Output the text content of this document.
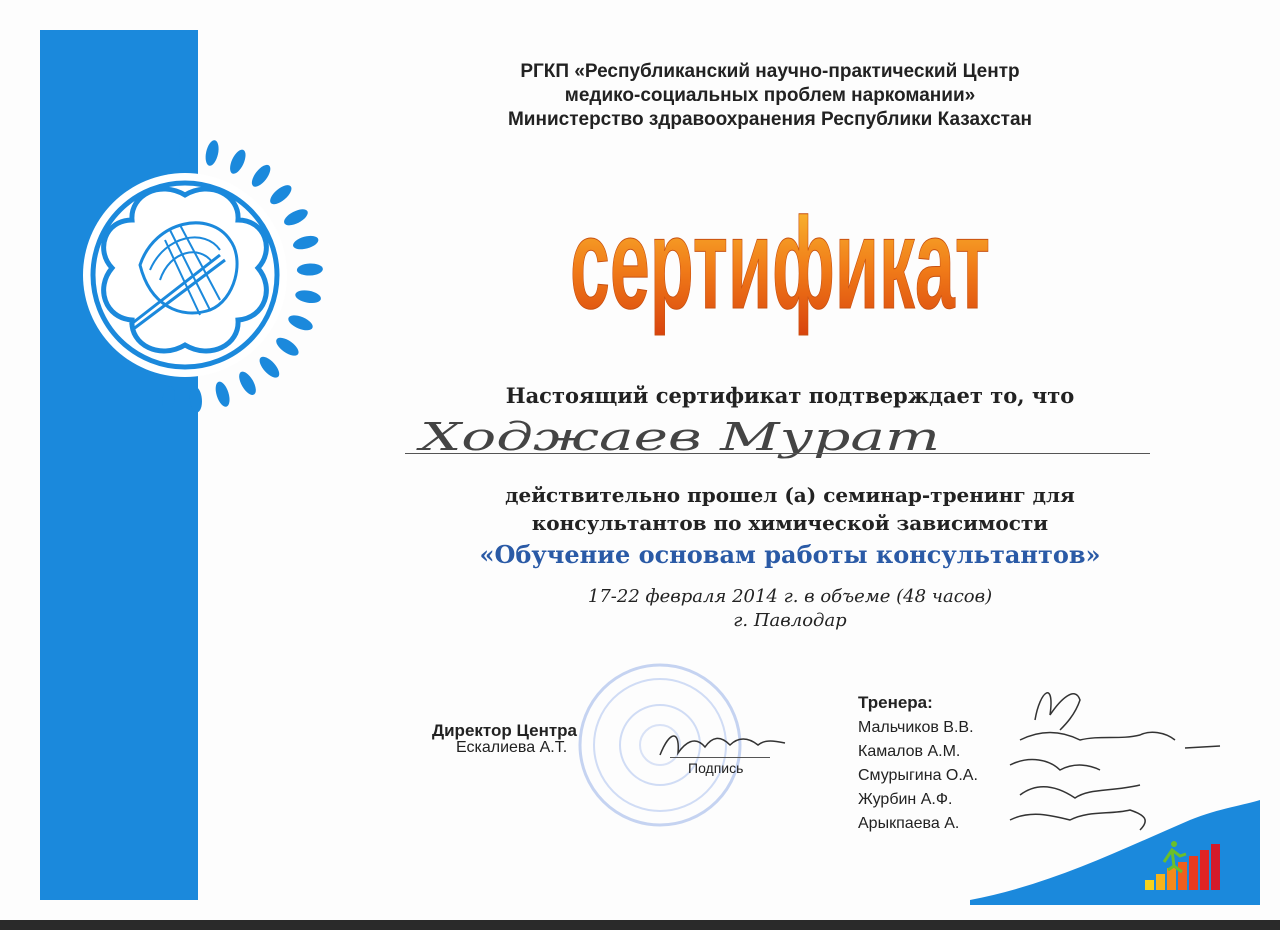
РГКП «Республиканский научно-практический Центр
медико-социальных проблем наркомании»
Министерство здравоохранения Республики Казахстан
сертификат
Настоящий сертификат подтверждает то, что
Ходжаев Мурат
действительно прошел (а) семинар-тренинг для
консультантов по химической зависимости
«Обучение основам работы консультантов»
17-22 февраля 2014 г. в объеме (48 часов)
г. Павлодар
Директор Центра
Ескалиева А.Т.
Подпись
Тренера:
Мальчиков В.В.
Камалов А.М.
Смурыгина О.А.
Журбин А.Ф.
Арыкпаева А.
